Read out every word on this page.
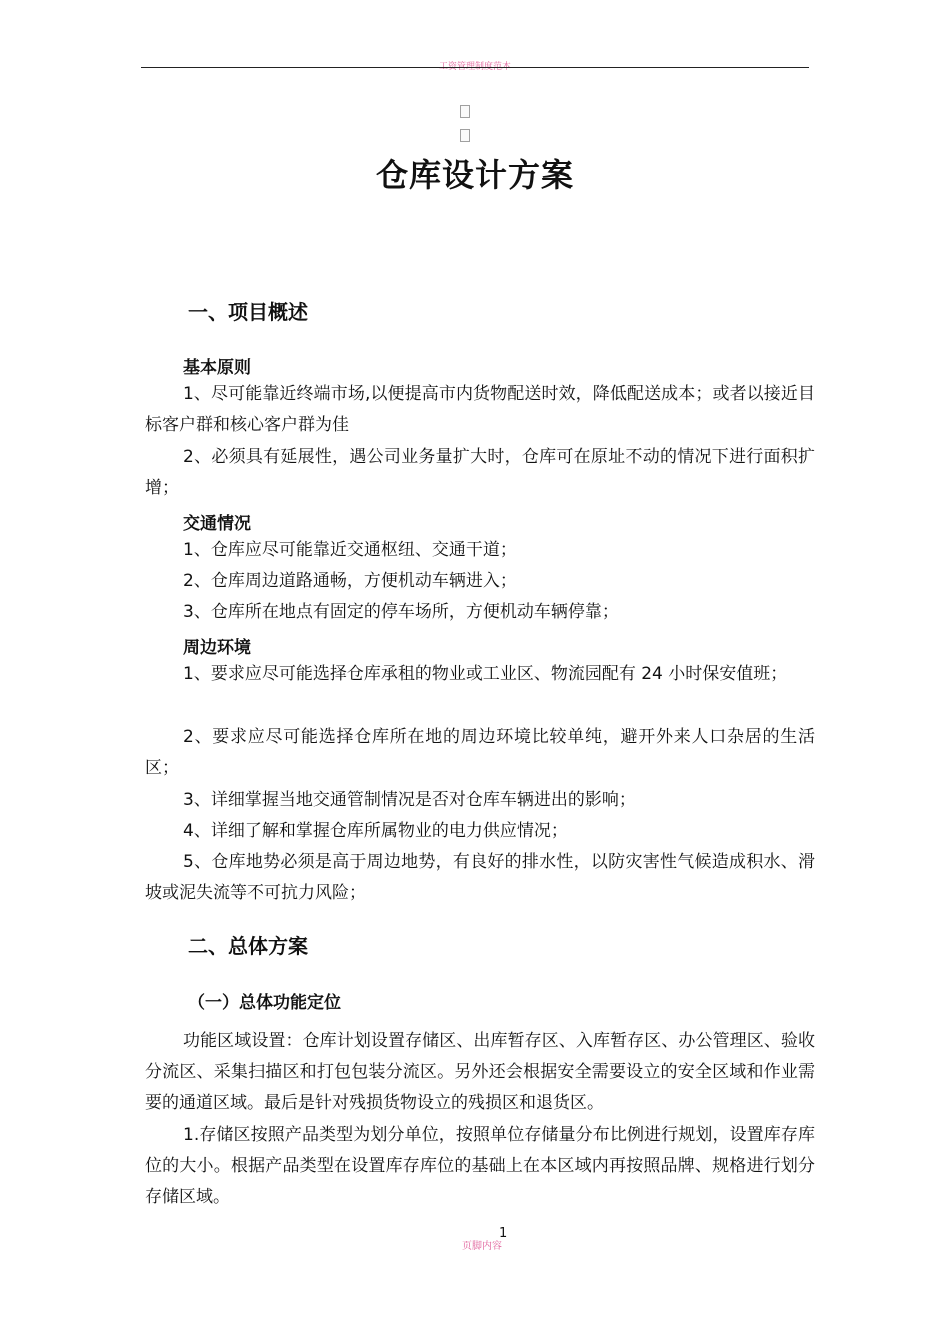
工资管理制度范本
仓库设计方案
一、项目概述
基本原则

1、尽可能靠近终端市场,以便提高市内货物配送时效，降低配送成本；或者以接近目标客户群和核心客户群为佳

2、必须具有延展性，遇公司业务量扩大时，仓库可在原址不动的情况下进行面积扩增；

交通情况

1、仓库应尽可能靠近交通枢纽、交通干道；

2、仓库周边道路通畅，方便机动车辆进入；

3、仓库所在地点有固定的停车场所，方便机动车辆停靠；

周边环境

1、要求应尽可能选择仓库承租的物业或工业区、物流园配有 24 小时保安值班；

2、要求应尽可能选择仓库所在地的周边环境比较单纯，避开外来人口杂居的生活区；

3、详细掌握当地交通管制情况是否对仓库车辆进出的影响；

4、详细了解和掌握仓库所属物业的电力供应情况；

5、仓库地势必须是高于周边地势，有良好的排水性，以防灾害性气候造成积水、滑坡或泥失流等不可抗力风险；

二、总体方案
（一）总体功能定位

功能区域设置：仓库计划设置存储区、出库暂存区、入库暂存区、办公管理区、验收分流区、采集扫描区和打包包装分流区。另外还会根据安全需要设立的安全区域和作业需要的通道区域。最后是针对残损货物设立的残损区和退货区。

1.存储区按照产品类型为划分单位，按照单位存储量分布比例进行规划，设置库存库位的大小。根据产品类型在设置库存库位的基础上在本区域内再按照品牌、规格进行划分存储区域。

页脚内容
1
